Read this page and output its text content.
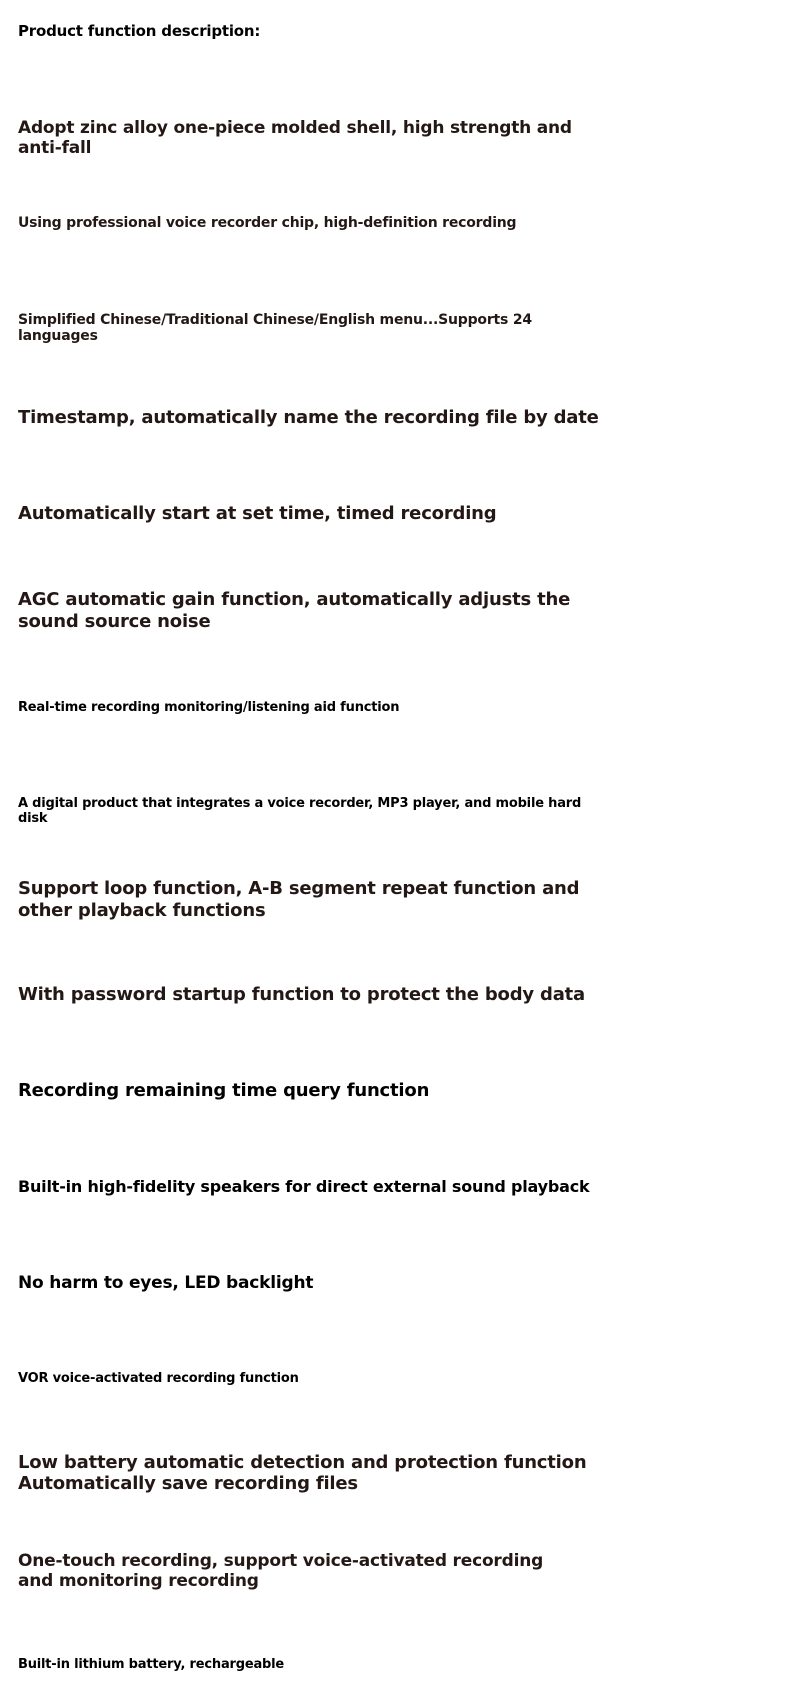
Product function description:

Adopt zinc alloy one-piece molded shell, high strength and anti-fall

Using professional voice recorder chip, high-definition recording

Simplified Chinese/Traditional Chinese/English menu...Supports 24 languages

Timestamp, automatically name the recording file by date

Automatically start at set time, timed recording

AGC automatic gain function, automatically adjusts the sound source noise

Real-time recording monitoring/listening aid function

A digital product that integrates a voice recorder, MP3 player, and mobile hard disk

Support loop function, A-B segment repeat function and other playback functions

With password startup function to protect the body data

Recording remaining time query function

Built-in high-fidelity speakers for direct external sound playback

No harm to eyes, LED backlight

VOR voice-activated recording function

Low battery automatic detection and protection function Automatically save recording files

One-touch recording, support voice-activated recording and monitoring recording

Built-in lithium battery, rechargeable
